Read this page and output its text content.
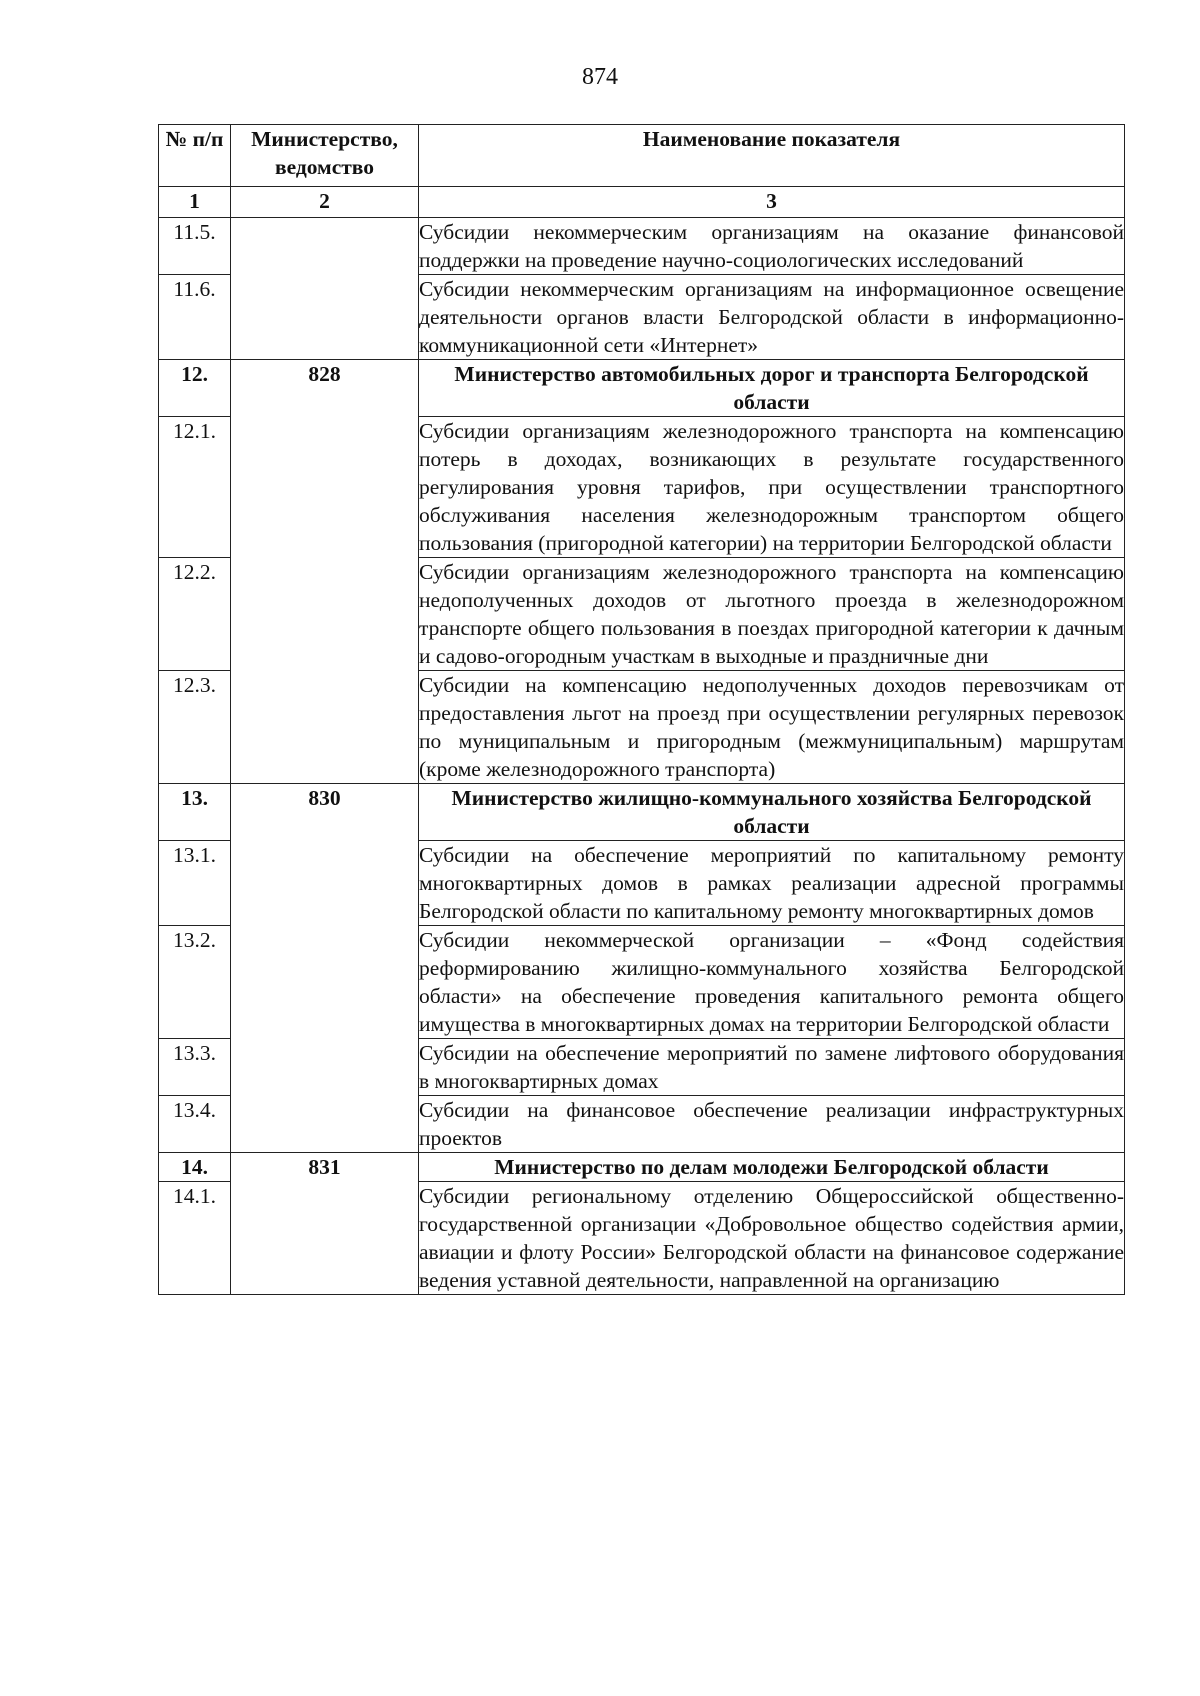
874
№ п/п	Министерство, ведомство	Наименование показателя
1	2	3
11.5.		Субсидии некоммерческим организациям на оказание финансовой поддержки на проведение научно-социологических исследований
11.6.		Субсидии некоммерческим организациям на информационное освещение деятельности органов власти Белгородской области в информационно-коммуникационной сети «Интернет»
12.	828	Министерство автомобильных дорог и транспорта Белгородской области
12.1.		Субсидии организациям железнодорожного транспорта на компенсацию потерь в доходах, возникающих в результате государственного регулирования уровня тарифов, при осуществлении транспортного обслуживания населения железнодорожным транспортом общего пользования (пригородной категории) на территории Белгородской области
12.2.		Субсидии организациям железнодорожного транспорта на компенсацию недополученных доходов от льготного проезда в железнодорожном транспорте общего пользования в поездах пригородной категории к дачным и садово-огородным участкам в выходные и праздничные дни
12.3.		Субсидии на компенсацию недополученных доходов перевозчикам от предоставления льгот на проезд при осуществлении регулярных перевозок по муниципальным и пригородным (межмуниципальным) маршрутам (кроме железнодорожного транспорта)
13.	830	Министерство жилищно-коммунального хозяйства Белгородской области
13.1.		Субсидии на обеспечение мероприятий по капитальному ремонту многоквартирных домов в рамках реализации адресной программы Белгородской области по капитальному ремонту многоквартирных домов
13.2.		Субсидии некоммерческой организации – «Фонд содействия реформированию жилищно-коммунального хозяйства Белгородской области» на обеспечение проведения капитального ремонта общего имущества в многоквартирных домах на территории Белгородской области
13.3.		Субсидии на обеспечение мероприятий по замене лифтового оборудования в многоквартирных домах
13.4.		Субсидии на финансовое обеспечение реализации инфраструктурных проектов
14.	831	Министерство по делам молодежи Белгородской области
14.1.		Субсидии региональному отделению Общероссийской общественно-государственной организации «Добровольное общество содействия армии, авиации и флоту России» Белгородской области на финансовое содержание ведения уставной деятельности, направленной на организацию
